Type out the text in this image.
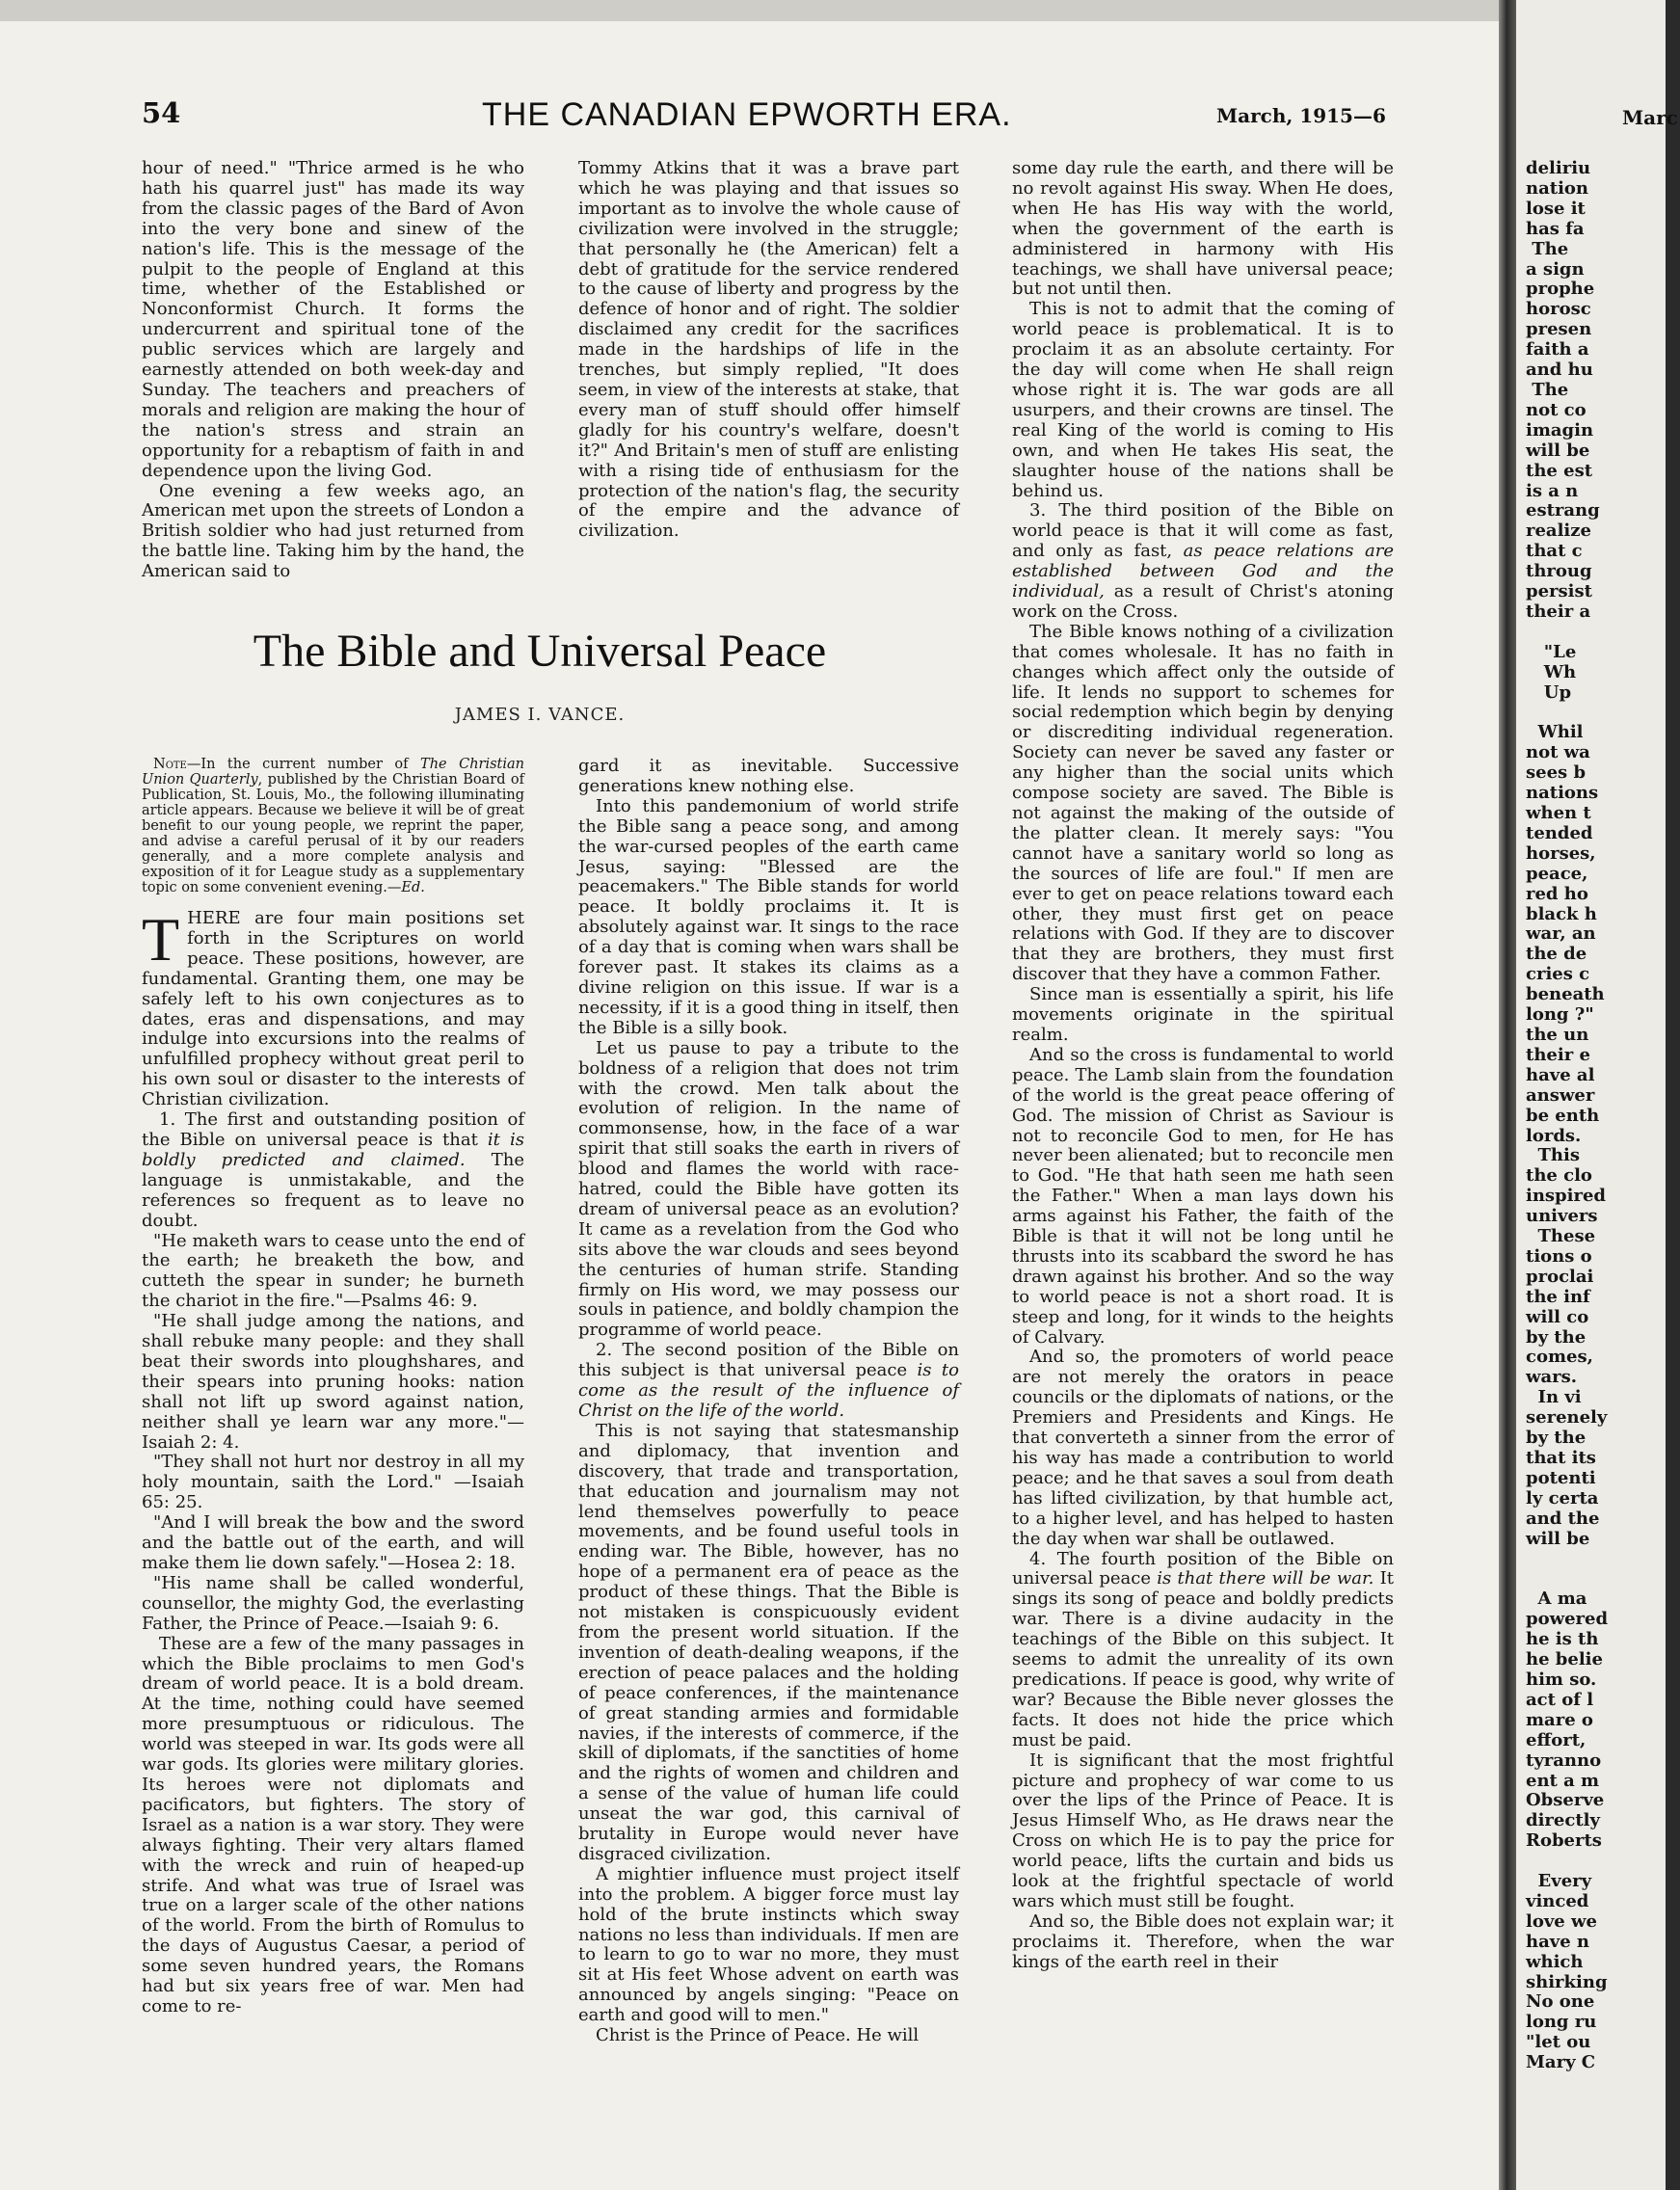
54	THE CANADIAN EPWORTH ERA.	March, 1915—6

hour of need." "Thrice armed is he who hath his quarrel just" has made its way from the classic pages of the Bard of Avon into the very bone and sinew of the nation's life. This is the message of the pulpit to the people of England at this time, whether of the Established or Nonconformist Church. It forms the undercurrent and spiritual tone of the public services which are largely and earnestly attended on both week-day and Sunday. The teachers and preachers of morals and religion are making the hour of the nation's stress and strain an opportunity for a rebaptism of faith in and dependence upon the living God.

One evening a few weeks ago, an American met upon the streets of London a British soldier who had just returned from the battle line. Taking him by the hand, the American said to

Tommy Atkins that it was a brave part which he was playing and that issues so important as to involve the whole cause of civilization were involved in the struggle; that personally he (the American) felt a debt of gratitude for the service rendered to the cause of liberty and progress by the defence of honor and of right. The soldier disclaimed any credit for the sacrifices made in the hardships of life in the trenches, but simply replied, "It does seem, in view of the interests at stake, that every man of stuff should offer himself gladly for his country's welfare, doesn't it?" And Britain's men of stuff are enlisting with a rising tide of enthusiasm for the protection of the nation's flag, the security of the empire and the advance of civilization.

The Bible and Universal Peace
JAMES I. VANCE.

Note—In the current number of The Christian Union Quarterly, published by the Christian Board of Publication, St. Louis, Mo., the following illuminating article appears. Because we believe it will be of great benefit to our young people, we reprint the paper, and advise a careful perusal of it by our readers generally, and a more complete analysis and exposition of it for League study as a supplementary topic on some convenient evening.—Ed.

THERE are four main positions set forth in the Scriptures on world peace. These positions, however, are fundamental. Granting them, one may be safely left to his own conjectures as to dates, eras and dispensations, and may indulge into excursions into the realms of unfulfilled prophecy without great peril to his own soul or disaster to the interests of Christian civilization.

1. The first and outstanding position of the Bible on universal peace is that it is boldly predicted and claimed. The language is unmistakable, and the references so frequent as to leave no doubt.

"He maketh wars to cease unto the end of the earth; he breaketh the bow, and cutteth the spear in sunder; he burneth the chariot in the fire."—Psalms 46: 9.

"He shall judge among the nations, and shall rebuke many people: and they shall beat their swords into ploughshares, and their spears into pruning hooks: nation shall not lift up sword against nation, neither shall ye learn war any more."—Isaiah 2: 4.

"They shall not hurt nor destroy in all my holy mountain, saith the Lord." —Isaiah 65: 25.

"And I will break the bow and the sword and the battle out of the earth, and will make them lie down safely."—Hosea 2: 18.

"His name shall be called wonderful, counsellor, the mighty God, the everlasting Father, the Prince of Peace.—Isaiah 9: 6.

These are a few of the many passages in which the Bible proclaims to men God's dream of world peace. It is a bold dream. At the time, nothing could have seemed more presumptuous or ridiculous. The world was steeped in war. Its gods were all war gods. Its glories were military glories. Its heroes were not diplomats and pacificators, but fighters. The story of Israel as a nation is a war story. They were always fighting. Their very altars flamed with the wreck and ruin of heaped-up strife. And what was true of Israel was true on a larger scale of the other nations of the world. From the birth of Romulus to the days of Augustus Caesar, a period of some seven hundred years, the Romans had but six years free of war. Men had come to re-

gard it as inevitable. Successive generations knew nothing else.

Into this pandemonium of world strife the Bible sang a peace song, and among the war-cursed peoples of the earth came Jesus, saying: "Blessed are the peacemakers." The Bible stands for world peace. It boldly proclaims it. It is absolutely against war. It sings to the race of a day that is coming when wars shall be forever past. It stakes its claims as a divine religion on this issue. If war is a necessity, if it is a good thing in itself, then the Bible is a silly book.

Let us pause to pay a tribute to the boldness of a religion that does not trim with the crowd. Men talk about the evolution of religion. In the name of commonsense, how, in the face of a war spirit that still soaks the earth in rivers of blood and flames the world with race-hatred, could the Bible have gotten its dream of universal peace as an evolution? It came as a revelation from the God who sits above the war clouds and sees beyond the centuries of human strife. Standing firmly on His word, we may possess our souls in patience, and boldly champion the programme of world peace.

2. The second position of the Bible on this subject is that universal peace is to come as the result of the influence of Christ on the life of the world.

This is not saying that statesmanship and diplomacy, that invention and discovery, that trade and transportation, that education and journalism may not lend themselves powerfully to peace movements, and be found useful tools in ending war. The Bible, however, has no hope of a permanent era of peace as the product of these things. That the Bible is not mistaken is conspicuously evident from the present world situation. If the invention of death-dealing weapons, if the erection of peace palaces and the holding of peace conferences, if the maintenance of great standing armies and formidable navies, if the interests of commerce, if the skill of diplomats, if the sanctities of home and the rights of women and children and a sense of the value of human life could unseat the war god, this carnival of brutality in Europe would never have disgraced civilization.

A mightier influence must project itself into the problem. A bigger force must lay hold of the brute instincts which sway nations no less than individuals. If men are to learn to go to war no more, they must sit at His feet Whose advent on earth was announced by angels singing: "Peace on earth and good will to men."

Christ is the Prince of Peace. He will

some day rule the earth, and there will be no revolt against His sway. When He does, when He has His way with the world, when the government of the earth is administered in harmony with His teachings, we shall have universal peace; but not until then.

This is not to admit that the coming of world peace is problematical. It is to proclaim it as an absolute certainty. For the day will come when He shall reign whose right it is. The war gods are all usurpers, and their crowns are tinsel. The real King of the world is coming to His own, and when He takes His seat, the slaughter house of the nations shall be behind us.

3. The third position of the Bible on world peace is that it will come as fast, and only as fast, as peace relations are established between God and the individual, as a result of Christ's atoning work on the Cross.

The Bible knows nothing of a civilization that comes wholesale. It has no faith in changes which affect only the outside of life. It lends no support to schemes for social redemption which begin by denying or discrediting individual regeneration. Society can never be saved any faster or any higher than the social units which compose society are saved. The Bible is not against the making of the outside of the platter clean. It merely says: "You cannot have a sanitary world so long as the sources of life are foul." If men are ever to get on peace relations toward each other, they must first get on peace relations with God. If they are to discover that they are brothers, they must first discover that they have a common Father.

Since man is essentially a spirit, his life movements originate in the spiritual realm.

And so the cross is fundamental to world peace. The Lamb slain from the foundation of the world is the great peace offering of God. The mission of Christ as Saviour is not to reconcile God to men, for He has never been alienated; but to reconcile men to God. "He that hath seen me hath seen the Father." When a man lays down his arms against his Father, the faith of the Bible is that it will not be long until he thrusts into its scabbard the sword he has drawn against his brother. And so the way to world peace is not a short road. It is steep and long, for it winds to the heights of Calvary.

And so, the promoters of world peace are not merely the orators in peace councils or the diplomats of nations, or the Premiers and Presidents and Kings. He that converteth a sinner from the error of his way has made a contribution to world peace; and he that saves a soul from death has lifted civilization, by that humble act, to a higher level, and has helped to hasten the day when war shall be outlawed.

4. The fourth position of the Bible on universal peace is that there will be war. It sings its song of peace and boldly predicts war. There is a divine audacity in the teachings of the Bible on this subject. It seems to admit the unreality of its own predications. If peace is good, why write of war? Because the Bible never glosses the facts. It does not hide the price which must be paid.

It is significant that the most frightful picture and prophecy of war come to us over the lips of the Prince of Peace. It is Jesus Himself Who, as He draws near the Cross on which He is to pay the price for world peace, lifts the curtain and bids us look at the frightful spectacle of world wars which must still be fought.

And so, the Bible does not explain war; it proclaims it. Therefore, when the war kings of the earth reel in their

Marc
deliriu
nation
lose it
has fa
The
a sign
prophe
horosc
presen
faith a
and hu
The
not co
imagin
will be
the est
is a n
estrang
realize
that c
throug
persist
their a

"Le
Wh
Up

Whil
not wa
sees b
nations
when t
tended
horses,
peace,
red ho
black h
war, an
the de
cries c
beneath
long ?"
the un
their e
have al
answer
be enth
lords.
This
the clo
inspired
univers
These
tions o
proclai
the inf
will co
by the
comes,
wars.
In vi
serenely
by the
that its
potenti
ly certa
and the
will be

A ma
powered
he is th
he belie
him so.
act of l
mare o
effort,
tyranno
ent a m
Observe
directly
Roberts

Every
vinced
love we
have n
which
shirking
No one
long ru
"let ou
Mary C
